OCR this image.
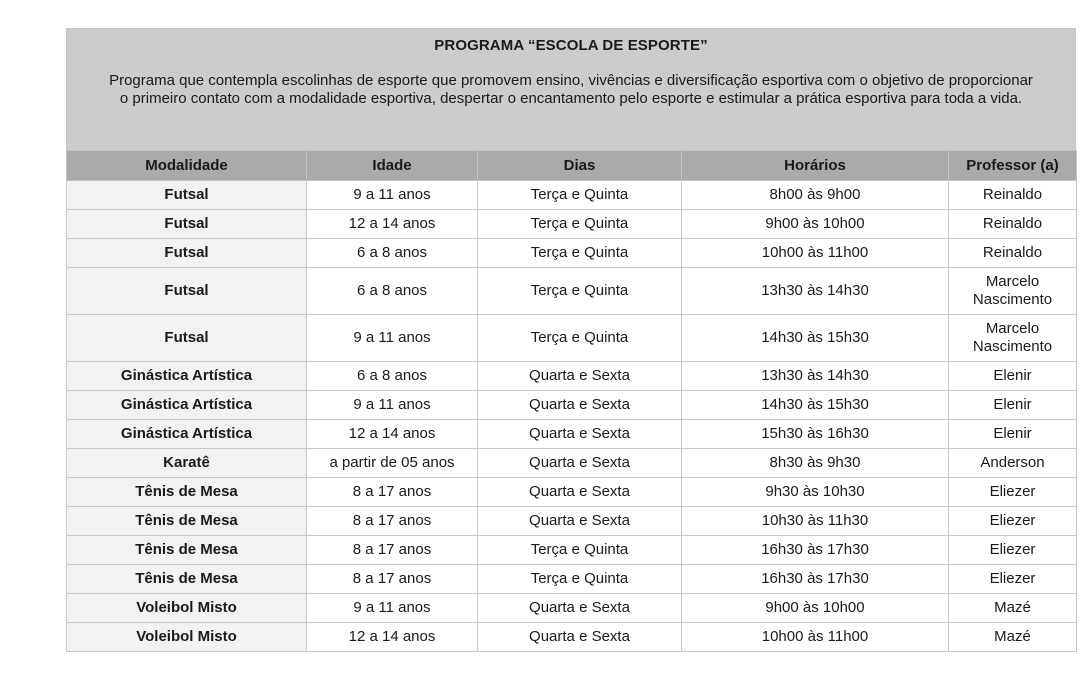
PROGRAMA “ESCOLA DE ESPORTE”
Programa que contempla escolinhas de esporte que promovem ensino, vivências e diversificação esportiva com o objetivo de proporcionar
o primeiro contato com a modalidade esportiva, despertar o encantamento pelo esporte e estimular a prática esportiva para toda a vida.
Modalidade	Idade	Dias	Horários	Professor (a)
Futsal	9 a 11 anos	Terça e Quinta	8h00 às 9h00	Reinaldo

Futsal	12 a 14 anos	Terça e Quinta	9h00 às 10h00	Reinaldo

Futsal	6 a 8 anos	Terça e Quinta	10h00 às 11h00	Reinaldo

Futsal	6 a 8 anos	Terça e Quinta	13h30 às 14h30	Marcelo
Nascimento

Futsal	9 a 11 anos	Terça e Quinta	14h30 às 15h30	Marcelo
Nascimento

Ginástica Artística	6 a 8 anos	Quarta e Sexta	13h30 às 14h30	Elenir

Ginástica Artística	9 a 11 anos	Quarta e Sexta	14h30 às 15h30	Elenir

Ginástica Artística	12 a 14 anos	Quarta e Sexta	15h30 às 16h30	Elenir

Karatê	a partir de 05 anos	Quarta e Sexta	8h30 às 9h30	Anderson

Tênis de Mesa	8 a 17 anos	Quarta e Sexta	9h30 às 10h30	Eliezer

Tênis de Mesa	8 a 17 anos	Quarta e Sexta	10h30 às 11h30	Eliezer

Tênis de Mesa	8 a 17 anos	Terça e Quinta	16h30 às 17h30	Eliezer

Tênis de Mesa	8 a 17 anos	Terça e Quinta	16h30 às 17h30	Eliezer

Voleibol Misto	9 a 11 anos	Quarta e Sexta	9h00 às 10h00	Mazé

Voleibol Misto	12 a 14 anos	Quarta e Sexta	10h00 às 11h00	Mazé
